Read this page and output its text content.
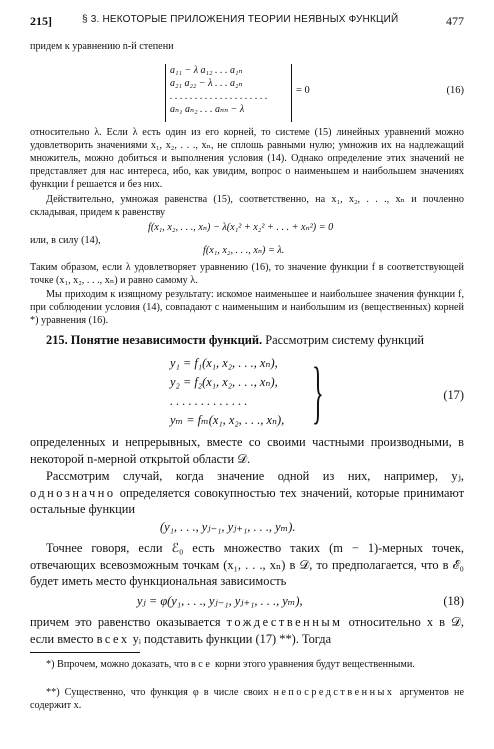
215]	§ 3. НЕКОТОРЫЕ ПРИЛОЖЕНИЯ ТЕОРИИ НЕЯВНЫХ ФУНКЦИЙ	477
придем к уравнению n-й степени
a₁₁ − λ a₁₂ . . . a₁ₙ
a₂₁ a₂₂ − λ . . . a₂ₙ
. . . . . . . . . . . . . . . . . . . .
aₙ₁ aₙ₂ . . . aₙₙ − λ
= 0	(16)
относительно λ. Если λ есть один из его корней, то системе (15) линейных уравнений можно удовлетворить значениями x₁, x₂, . . ., xₙ, не сплошь равными нулю; умножив их на надлежащий множитель, можно добиться и выполнения условия (14). Однако определение этих значений не представляет для нас интереса, ибо, как увидим, вопрос о наименьшем и наибольшем значениях функции f решается и без них.
Действительно, умножая равенства (15), соответственно, на x₁, x₂, . . ., xₙ и почленно складывая, придем к равенству
f(x₁, x₂, . . ., xₙ) − λ(x₁² + x₂² + . . . + xₙ²) = 0
или, в силу (14),
f(x₁, x₂, . . ., xₙ) = λ.
Таким образом, если λ удовлетворяет уравнению (16), то значение функции f в соответствующей точке (x₁, x₂, . . ., xₙ) и равно самому λ.
Мы приходим к изящному результату: искомое наименьшее и наибольшее значения функции f, при соблюдении условия (14), совпадают с наименьшим и наибольшим из (вещественных) корней *) уравнения (16).
215. Понятие независимости функций. Рассмотрим систему функций
y₁ = f₁(x₁, x₂, . . ., xₙ),
y₂ = f₂(x₁, x₂, . . ., xₙ),
. . . . . . . . . . . . .
yₘ = fₘ(x₁, x₂, . . ., xₙ), }	(17)
определенных и непрерывных, вместе со своими частными производными, в некоторой n-мерной открытой области 𝒟.
Рассмотрим случай, когда значение одной из них, например, yⱼ, однозначно определяется совокупностью тех значений, которые принимают остальные функции
(y₁, . . ., yⱼ₋₁, yⱼ₊₁, . . ., yₘ).
Точнее говоря, если ℰ₀ есть множество таких (m − 1)-мерных точек, отвечающих всевозможным точкам (x₁, . . ., xₙ) в 𝒟, то предполагается, что в ℰ₀ будет иметь место функциональная зависимость
yⱼ = φ(y₁, . . ., yⱼ₋₁, yⱼ₊₁, . . ., yₘ),	(18)
причем это равенство оказывается тождественным относительно x в 𝒟, если вместо всех yᵢ подставить функции (17) **). Тогда
*) Впрочем, можно доказать, что все корни этого уравнения будут вещественными.
**) Существенно, что функция φ в числе своих непосредственных аргументов не содержит x.
